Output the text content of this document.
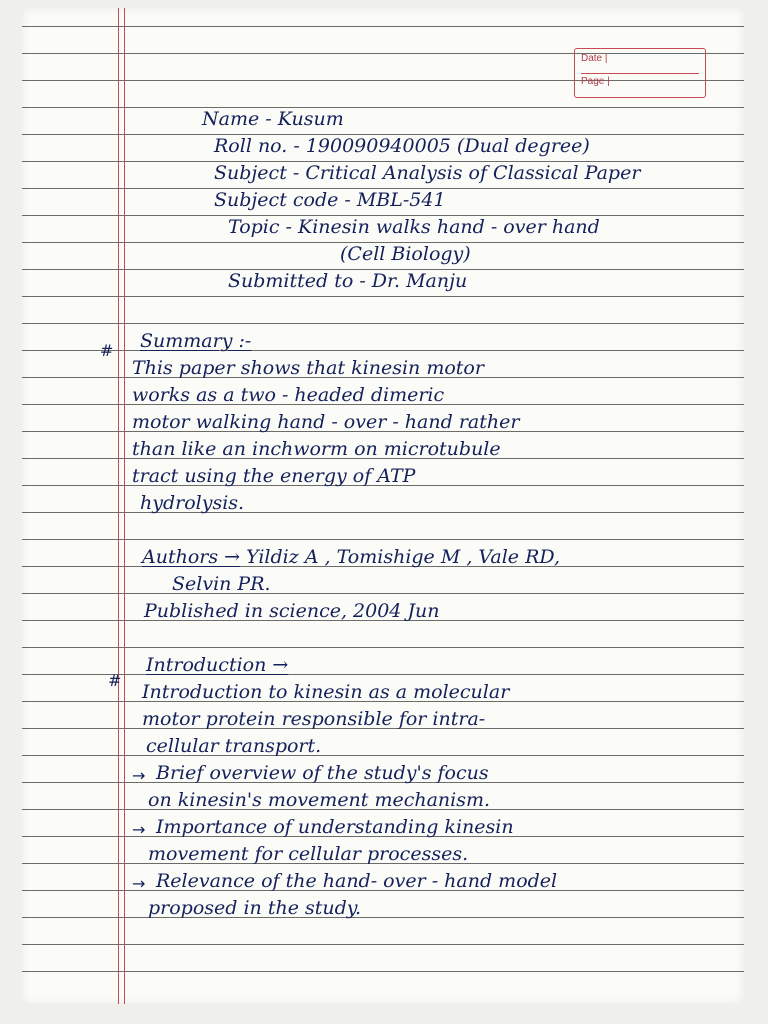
Date |
Page |
Name - Kusum
Roll no. - 190090940005 (Dual degree)
Subject - Critical Analysis of Classical Paper
Subject code - MBL-541
Topic - Kinesin walks hand - over hand
(Cell Biology)
Submitted to - Dr. Manju
# Summary :-
This paper shows that kinesin motor
works as a two - headed dimeric
motor walking hand - over - hand rather
than like an inchworm on microtubule
tract using the energy of ATP
hydrolysis.
Authors → Yildiz A , Tomishige M , Vale RD,
Selvin PR.
Published in science, 2004 Jun
#
Introduction →
Introduction to kinesin as a molecular
motor protein responsible for intra-
cellular transport.
→ Brief overview of the study's focus
on kinesin's movement mechanism.
→ Importance of understanding kinesin
movement for cellular processes.
→ Relevance of the hand- over - hand model
proposed in the study.
